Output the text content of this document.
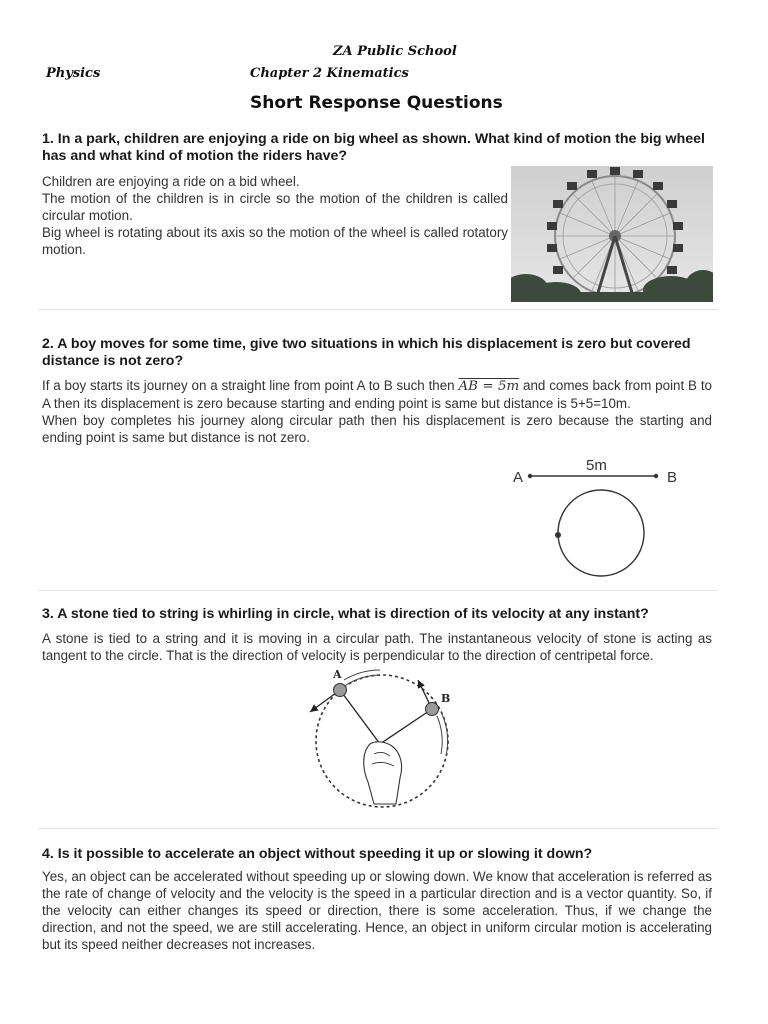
ZA Public School
Physics	Chapter 2 Kinematics
Short Response Questions
1. In a park, children are enjoying a ride on big wheel as shown. What kind of motion the big wheel has and what kind of motion the riders have?

Children are enjoying a ride on a bid wheel.

The motion of the children is in circle so the motion of the children is called circular motion.

Big wheel is rotating about its axis so the motion of the wheel is called rotatory motion.

2. A boy moves for some time, give two situations in which his displacement is zero but covered distance is not zero?

If a boy starts its journey on a straight line from point A to B such then AB = 5m and comes back from point B to A then its displacement is zero because starting and ending point is same but distance is 5+5=10m.

When boy completes his journey along circular path then his displacement is zero because the starting and ending point is same but distance is not zero.

A	B
5m
3. A stone tied to string is whirling in circle, what is direction of its velocity at any instant?
A stone is tied to a string and it is moving in a circular path. The instantaneous velocity of stone is acting as tangent to the circle. That is the direction of velocity is perpendicular to the direction of centripetal force.
A
B
4. Is it possible to accelerate an object without speeding it up or slowing it down?
Yes, an object can be accelerated without speeding up or slowing down. We know that acceleration is referred as the rate of change of velocity and the velocity is the speed in a particular direction and is a vector quantity. So, if the velocity can either changes its speed or direction, there is some acceleration. Thus, if we change the direction, and not the speed, we are still accelerating. Hence, an object in uniform circular motion is accelerating but its speed neither decreases not increases.
